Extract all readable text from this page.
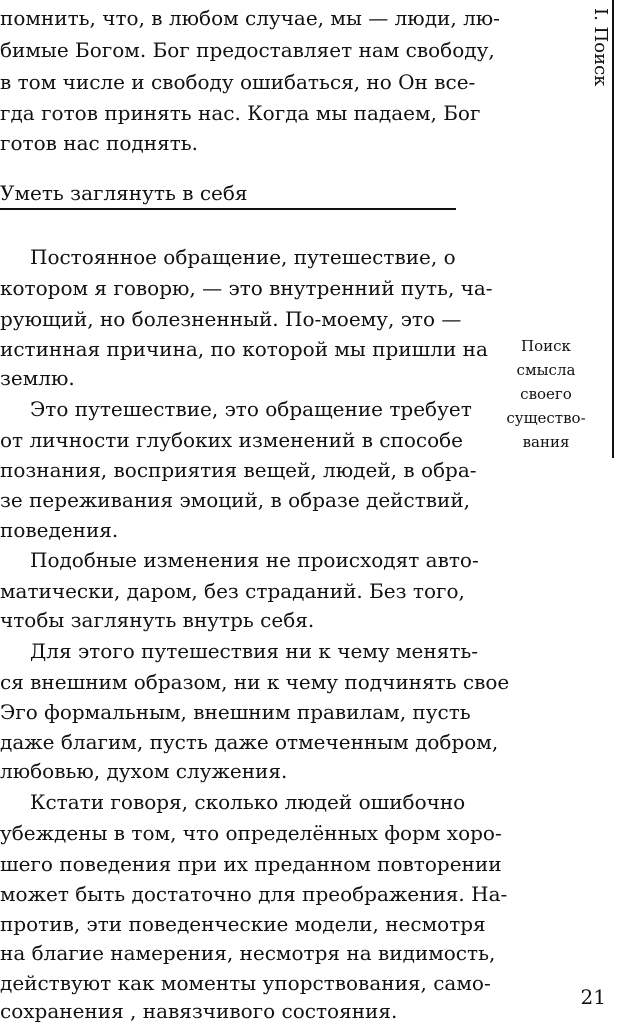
помнить, что, в любом случае, мы — люди, лю-
бимые Богом. Бог предоставляет нам свободу,
в том числе и свободу ошибаться, но Он все-
гда готов принять нас. Когда мы падаем, Бог
готов нас поднять.
Уметь заглянуть в себя
Постоянное обращение, путешествие, о
котором я говорю, — это внутренний путь, ча-
рующий, но болезненный. По-моему, это —
истинная причина, по которой мы пришли на
землю.
Это путешествие, это обращение требует
от личности глубоких изменений в способе
познания, восприятия вещей, людей, в обра-
зе переживания эмоций, в образе действий,
поведения.
Подобные изменения не происходят авто-
матически, даром, без страданий. Без того,
чтобы заглянуть внутрь себя.
Для этого путешествия ни к чему менять-
ся внешним образом, ни к чему подчинять свое
Эго формальным, внешним правилам, пусть
даже благим, пусть даже отмеченным добром,
любовью, духом служения.
Кстати говоря, сколько людей ошибочно
убеждены в том, что определённых форм хоро-
шего поведения при их преданном повторении
может быть достаточно для преображения. На-
против, эти поведенческие модели, несмотря
на благие намерения, несмотря на видимость,
действуют как моменты упорствования, само-
сохранения , навязчивого состояния.
I. Поиск
Поиск
смысла
своего
существо-
вания
21
